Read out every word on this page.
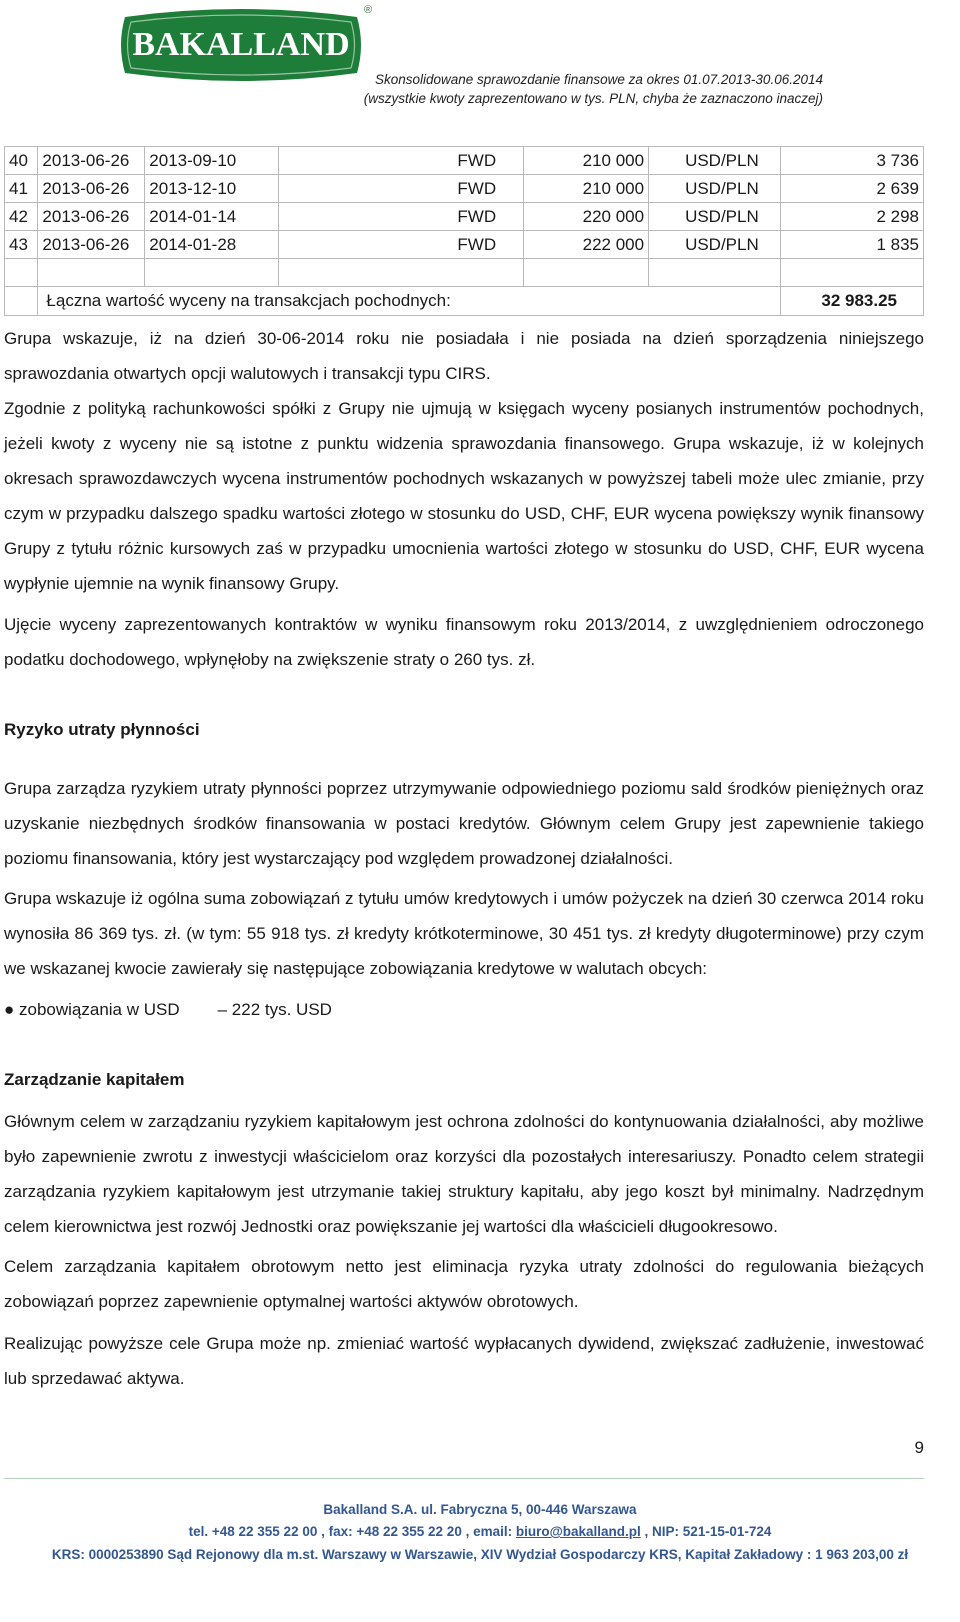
BAKALLAND
®
Skonsolidowane sprawozdanie finansowe za okres 01.07.2013-30.06.2014
(wszystkie kwoty zaprezentowano w tys. PLN, chyba że zaznaczono inaczej)
40	2013-06-26	2013-09-10	FWD	210 000	USD/PLN	3 736
41	2013-06-26	2013-12-10	FWD	210 000	USD/PLN	2 639
42	2013-06-26	2014-01-14	FWD	220 000	USD/PLN	2 298
43	2013-06-26	2014-01-28	FWD	222 000	USD/PLN	1 835

	Łączna wartość wyceny na transakcjach pochodnych:					32 983.25

Grupa wskazuje, iż na dzień 30-06-2014 roku nie posiadała i nie posiada na dzień sporządzenia niniejszego sprawozdania otwartych opcji walutowych i transakcji typu CIRS.

Zgodnie z polityką rachunkowości spółki z Grupy nie ujmują w księgach wyceny posianych instrumentów pochodnych, jeżeli kwoty z wyceny nie są istotne z punktu widzenia sprawozdania finansowego. Grupa wskazuje, iż w kolejnych okresach sprawozdawczych wycena instrumentów pochodnych wskazanych w powyższej tabeli może ulec zmianie, przy czym w przypadku dalszego spadku wartości złotego w stosunku do USD, CHF, EUR wycena powiększy wynik finansowy Grupy z tytułu różnic kursowych zaś w przypadku umocnienia wartości złotego w stosunku do USD, CHF, EUR wycena wypłynie ujemnie na wynik finansowy Grupy.

Ujęcie wyceny zaprezentowanych kontraktów w wyniku finansowym roku 2013/2014, z uwzględnieniem odroczonego podatku dochodowego, wpłynęłoby na zwiększenie straty o 260 tys. zł.

Ryzyko utraty płynności

Grupa zarządza ryzykiem utraty płynności poprzez utrzymywanie odpowiedniego poziomu sald środków pieniężnych oraz uzyskanie niezbędnych środków finansowania w postaci kredytów. Głównym celem Grupy jest zapewnienie takiego poziomu finansowania, który jest wystarczający pod względem prowadzonej działalności.

Grupa wskazuje iż ogólna suma zobowiązań z tytułu umów kredytowych i umów pożyczek na dzień 30 czerwca 2014 roku wynosiła 86 369 tys. zł. (w tym: 55 918 tys. zł kredyty krótkoterminowe, 30 451 tys. zł kredyty długoterminowe) przy czym we wskazanej kwocie zawierały się następujące zobowiązania kredytowe w walutach obcych:

● zobowiązania w USD – 222 tys. USD
Zarządzanie kapitałem

Głównym celem w zarządzaniu ryzykiem kapitałowym jest ochrona zdolności do kontynuowania działalności, aby możliwe było zapewnienie zwrotu z inwestycji właścicielom oraz korzyści dla pozostałych interesariuszy. Ponadto celem strategii zarządzania ryzykiem kapitałowym jest utrzymanie takiej struktury kapitału, aby jego koszt był minimalny. Nadrzędnym celem kierownictwa jest rozwój Jednostki oraz powiększanie jej wartości dla właścicieli długookresowo.

Celem zarządzania kapitałem obrotowym netto jest eliminacja ryzyka utraty zdolności do regulowania bieżących zobowiązań poprzez zapewnienie optymalnej wartości aktywów obrotowych.

Realizując powyższe cele Grupa może np. zmieniać wartość wypłacanych dywidend, zwiększać zadłużenie, inwestować lub sprzedawać aktywa.

9
Bakalland S.A. ul. Fabryczna 5, 00-446 Warszawa
tel. +48 22 355 22 00 , fax: +48 22 355 22 20 , email: biuro@bakalland.pl , NIP: 521-15-01-724
KRS: 0000253890 Sąd Rejonowy dla m.st. Warszawy w Warszawie, XIV Wydział Gospodarczy KRS, Kapitał Zakładowy : 1 963 203,00 zł
